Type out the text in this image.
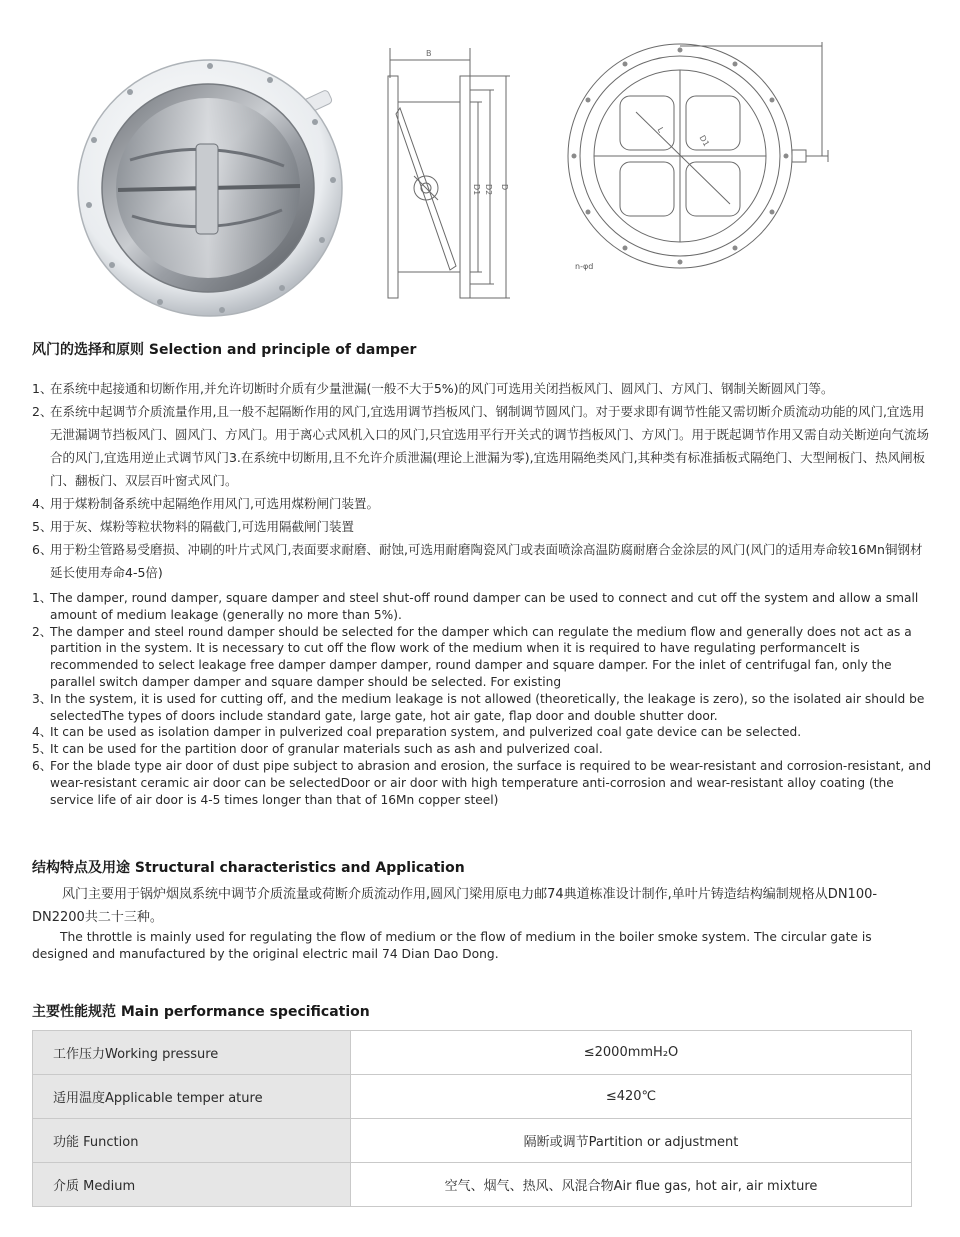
B
D1 D2 D
L
D1
n-φd
风门的选择和原则 Selection and principle of damper
1、
在系统中起接通和切断作用,并允许切断时介质有少量泄漏(一般不大于5%)的风门可选用关闭挡板风门、圆风门、方风门、钢制关断圆风门等。
2、
在系统中起调节介质流量作用,且一般不起隔断作用的风门,宜选用调节挡板风门、钢制调节圆风门。对于要求即有调节性能又需切断介质流动功能的风门,宜选用无泄漏调节挡板风门、圆风门、方风门。用于离心式风机入口的风门,只宜选用平行开关式的调节挡板风门、方风门。用于既起调节作用又需自动关断逆向气流场合的风门,宜选用逆止式调节风门3.在系统中切断用,且不允许介质泄漏(理论上泄漏为零),宜选用隔绝类风门,其种类有标准插板式隔绝门、大型闸板门、热风闸板门、翻板门、双层百叶窗式风门。
4、
用于煤粉制备系统中起隔绝作用风门,可选用煤粉闸门装置。
5、
用于灰、煤粉等粒状物料的隔截门,可选用隔截闸门装置
6、
用于粉尘管路易受磨损、冲刷的叶片式风门,表面要求耐磨、耐蚀,可选用耐磨陶瓷风门或表面喷涂高温防腐耐磨合金涂层的风门(风门的适用寿命较16Mn铜钢材延长使用寿命4-5倍)
1、
The damper, round damper, square damper and steel shut-off round damper can be used to connect and cut off the system and allow a small amount of medium leakage (generally no more than 5%).
2、
The damper and steel round damper should be selected for the damper which can regulate the medium flow and generally does not act as a partition in the system. It is necessary to cut off the flow work of the medium when it is required to have regulating performanceIt is recommended to select leakage free damper damper damper, round damper and square damper. For the inlet of centrifugal fan, only the parallel switch damper damper and square damper should be selected. For existing
3、
In the system, it is used for cutting off, and the medium leakage is not allowed (theoretically, the leakage is zero), so the isolated air should be selectedThe types of doors include standard gate, large gate, hot air gate, flap door and double shutter door.
4、
It can be used as isolation damper in pulverized coal preparation system, and pulverized coal gate device can be selected.
5、
It can be used for the partition door of granular materials such as ash and pulverized coal.
6、
For the blade type air door of dust pipe subject to abrasion and erosion, the surface is required to be wear-resistant and corrosion-resistant, and wear-resistant ceramic air door can be selectedDoor or air door with high temperature anti-corrosion and wear-resistant alloy coating (the service life of air door is 4-5 times longer than that of 16Mn copper steel)
结构特点及用途 Structural characteristics and Application

风门主要用于锅炉烟岚系统中调节介质流量或荷断介质流动作用,圆风门梁用原电力邮74典道栋准设计制作,单叶片铸造结构编制规格从DN100-DN2200共二十三种。

The throttle is mainly used for regulating the flow of medium or the flow of medium in the boiler smoke system. The circular gate is designed and manufactured by the original electric mail 74 Dian Dao Dong.

主要性能规范 Main performance specification
工作压力Working pressure	≤2000mmH₂O
适用温度Applicable temper ature	≤420℃
功能 Function	隔断或调节Partition or adjustment
介质 Medium	空气、烟气、热风、风混合物Air flue gas, hot air, air mixture
